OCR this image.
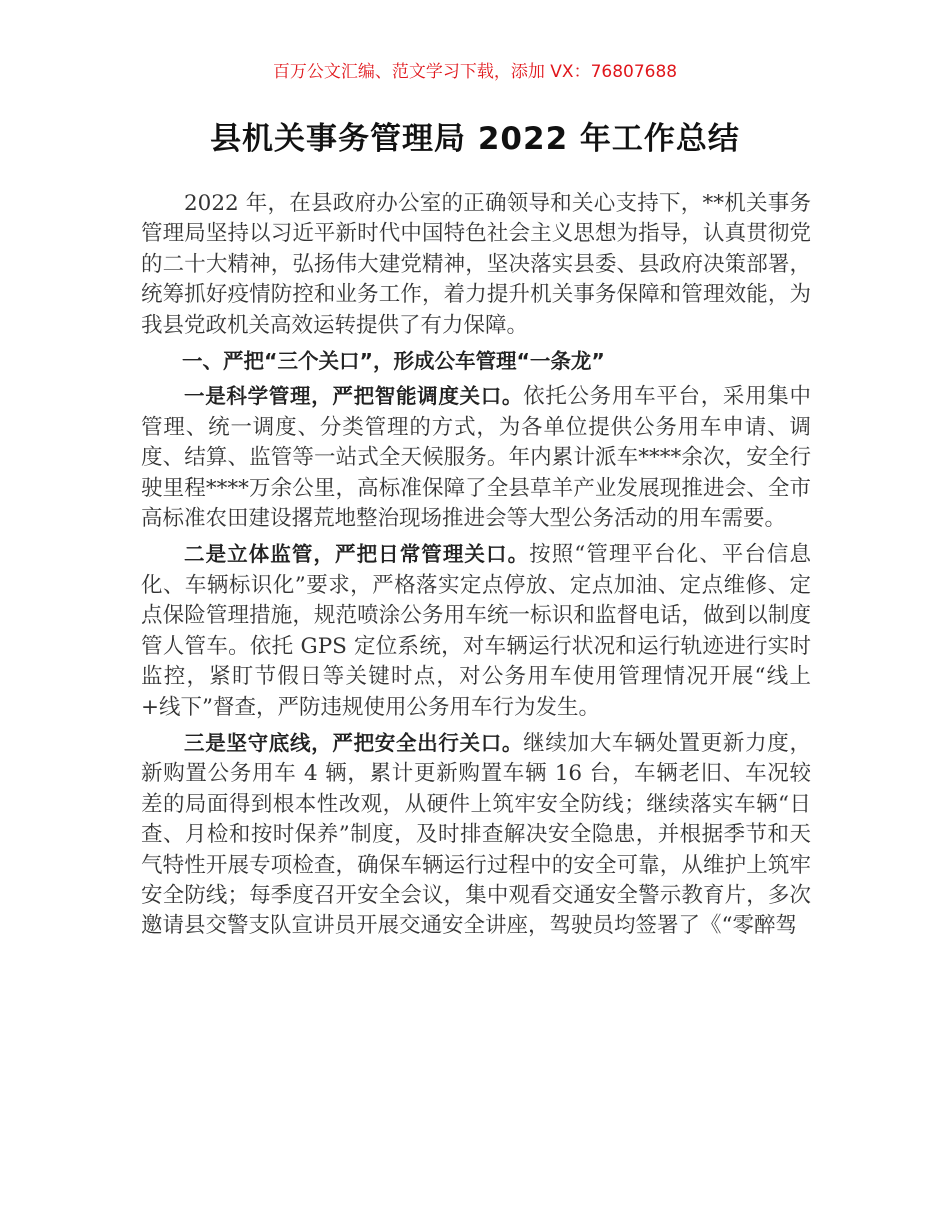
百万公文汇编、范文学习下载，添加 VX：76807688
县机关事务管理局 2022 年工作总结

2022 年，在县政府办公室的正确领导和关心支持下，**机关事务管理局坚持以习近平新时代中国特色社会主义思想为指导，认真贯彻党的二十大精神，弘扬伟大建党精神，坚决落实县委、县政府决策部署，统筹抓好疫情防控和业务工作，着力提升机关事务保障和管理效能，为我县党政机关高效运转提供了有力保障。

一、严把“三个关口”，形成公车管理“一条龙”

一是科学管理，严把智能调度关口。依托公务用车平台，采用集中管理、统一调度、分类管理的方式，为各单位提供公务用车申请、调度、结算、监管等一站式全天候服务。年内累计派车****余次，安全行驶里程****万余公里，高标准保障了全县草羊产业发展现推进会、全市高标准农田建设撂荒地整治现场推进会等大型公务活动的用车需要。

二是立体监管，严把日常管理关口。按照“管理平台化、平台信息化、车辆标识化”要求，严格落实定点停放、定点加油、定点维修、定点保险管理措施，规范喷涂公务用车统一标识和监督电话，做到以制度管人管车。依托 GPS 定位系统，对车辆运行状况和运行轨迹进行实时监控，紧盯节假日等关键时点，对公务用车使用管理情况开展“线上+线下”督查，严防违规使用公务用车行为发生。

三是坚守底线，严把安全出行关口。继续加大车辆处置更新力度，新购置公务用车 4 辆，累计更新购置车辆 16 台，车辆老旧、车况较差的局面得到根本性改观，从硬件上筑牢安全防线；继续落实车辆“日查、月检和按时保养”制度，及时排查解决安全隐患，并根据季节和天气特性开展专项检查，确保车辆运行过程中的安全可靠，从维护上筑牢安全防线；每季度召开安全会议，集中观看交通安全警示教育片，多次邀请县交警支队宣讲员开展交通安全讲座，驾驶员均签署了《“零醉驾
